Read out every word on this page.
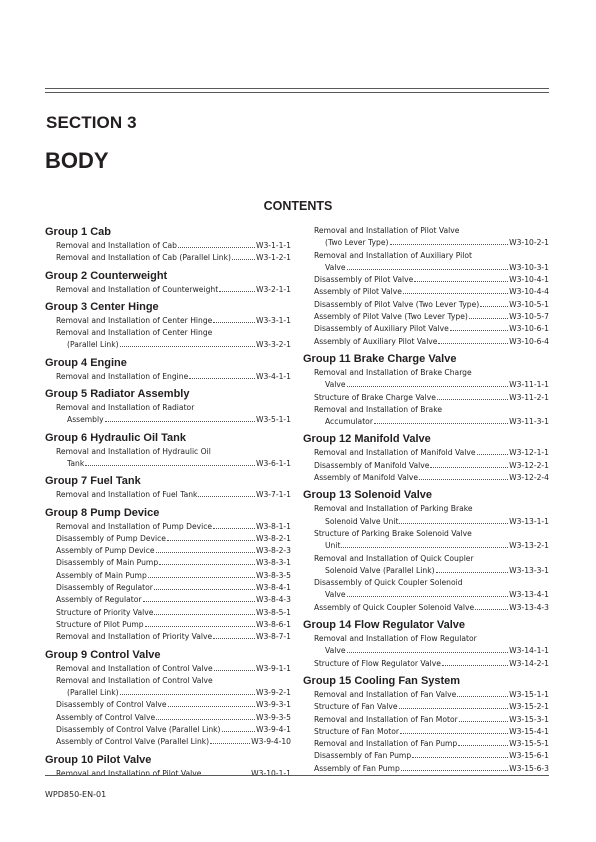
SECTION 3
BODY
CONTENTS
Group 1 Cab
Removal and Installation of Cab	W3-1-1-1
Removal and Installation of Cab (Parallel Link)	W3-1-2-1
Group 2 Counterweight
Removal and Installation of Counterweight	W3-2-1-1
Group 3 Center Hinge
Removal and Installation of Center Hinge	W3-3-1-1
Removal and Installation of Center Hinge
(Parallel Link)	W3-3-2-1
Group 4 Engine
Removal and Installation of Engine	W3-4-1-1
Group 5 Radiator Assembly
Removal and Installation of Radiator
Assembly	W3-5-1-1
Group 6 Hydraulic Oil Tank
Removal and Installation of Hydraulic Oil
Tank	W3-6-1-1
Group 7 Fuel Tank
Removal and Installation of Fuel Tank	W3-7-1-1
Group 8 Pump Device
Removal and Installation of Pump Device	W3-8-1-1
Disassembly of Pump Device	W3-8-2-1
Assembly of Pump Device	W3-8-2-3
Disassembly of Main Pump	W3-8-3-1
Assembly of Main Pump	W3-8-3-5
Disassembly of Regulator	W3-8-4-1
Assembly of Regulator	W3-8-4-3
Structure of Priority Valve	W3-8-5-1
Structure of Pilot Pump	W3-8-6-1
Removal and Installation of Priority Valve	W3-8-7-1
Group 9 Control Valve
Removal and Installation of Control Valve	W3-9-1-1
Removal and Installation of Control Valve
(Parallel Link)	W3-9-2-1
Disassembly of Control Valve	W3-9-3-1
Assembly of Control Valve	W3-9-3-5
Disassembly of Control Valve (Parallel Link)	W3-9-4-1
Assembly of Control Valve (Parallel Link)	W3-9-4-10
Group 10 Pilot Valve
Removal and Installation of Pilot Valve	W3-10-1-1
Removal and Installation of Pilot Valve
(Two Lever Type)	W3-10-2-1
Removal and Installation of Auxiliary Pilot
Valve	W3-10-3-1
Disassembly of Pilot Valve	W3-10-4-1
Assembly of Pilot Valve	W3-10-4-4
Disassembly of Pilot Valve (Two Lever Type)	W3-10-5-1
Assembly of Pilot Valve (Two Lever Type)	W3-10-5-7
Disassembly of Auxiliary Pilot Valve	W3-10-6-1
Assembly of Auxiliary Pilot Valve	W3-10-6-4
Group 11 Brake Charge Valve
Removal and Installation of Brake Charge
Valve	W3-11-1-1
Structure of Brake Charge Valve	W3-11-2-1
Removal and Installation of Brake
Accumulator	W3-11-3-1
Group 12 Manifold Valve
Removal and Installation of Manifold Valve	W3-12-1-1
Disassembly of Manifold Valve	W3-12-2-1
Assembly of Manifold Valve	W3-12-2-4
Group 13 Solenoid Valve
Removal and Installation of Parking Brake
Solenoid Valve Unit	W3-13-1-1
Structure of Parking Brake Solenoid Valve
Unit	W3-13-2-1
Removal and Installation of Quick Coupler
Solenoid Valve (Parallel Link)	W3-13-3-1
Disassembly of Quick Coupler Solenoid
Valve	W3-13-4-1
Assembly of Quick Coupler Solenoid Valve	W3-13-4-3
Group 14 Flow Regulator Valve
Removal and Installation of Flow Regulator
Valve	W3-14-1-1
Structure of Flow Regulator Valve	W3-14-2-1
Group 15 Cooling Fan System
Removal and Installation of Fan Valve	W3-15-1-1
Structure of Fan Valve	W3-15-2-1
Removal and Installation of Fan Motor	W3-15-3-1
Structure of Fan Motor	W3-15-4-1
Removal and Installation of Fan Pump	W3-15-5-1
Disassembly of Fan Pump	W3-15-6-1
Assembly of Fan Pump	W3-15-6-3
WPD850-EN-01
